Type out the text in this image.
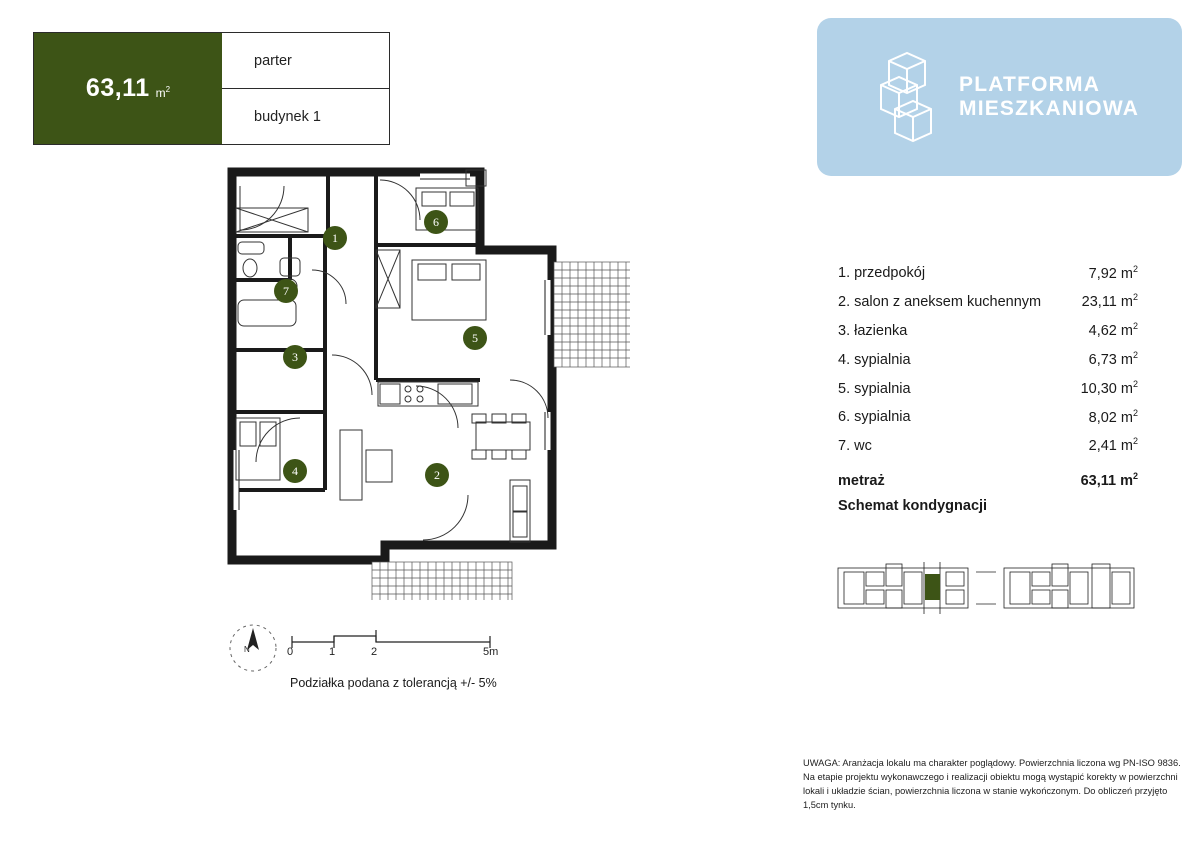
63,11 $m^2$
parter
budynek 1
1
2
3
4
5
6
7
N	0	1	2	5m
Podziałka podana z tolerancją +/- 5%
PLATFORMA
MIESZKANIOWA
1. przedpokój	7,92 $m^2$
2. salon z aneksem kuchennym	23,11 $m^2$
3. łazienka	4,62 $m^2$
4. sypialnia	6,73 $m^2$
5. sypialnia	10,30 $m^2$
6. sypialnia	8,02 $m^2$
7. wc	2,41 $m^2$
metraż	63,11 $m^2$
Schemat kondygnacji
UWAGA: Aranżacja lokalu ma charakter poglądowy. Powierzchnia liczona wg PN-ISO 9836. Na etapie projektu wykonawczego i realizacji obiektu mogą wystąpić korekty w powierzchni lokali i układzie ścian, powierzchnia liczona w stanie wykończonym. Do obliczeń przyjęto 1,5cm tynku.
